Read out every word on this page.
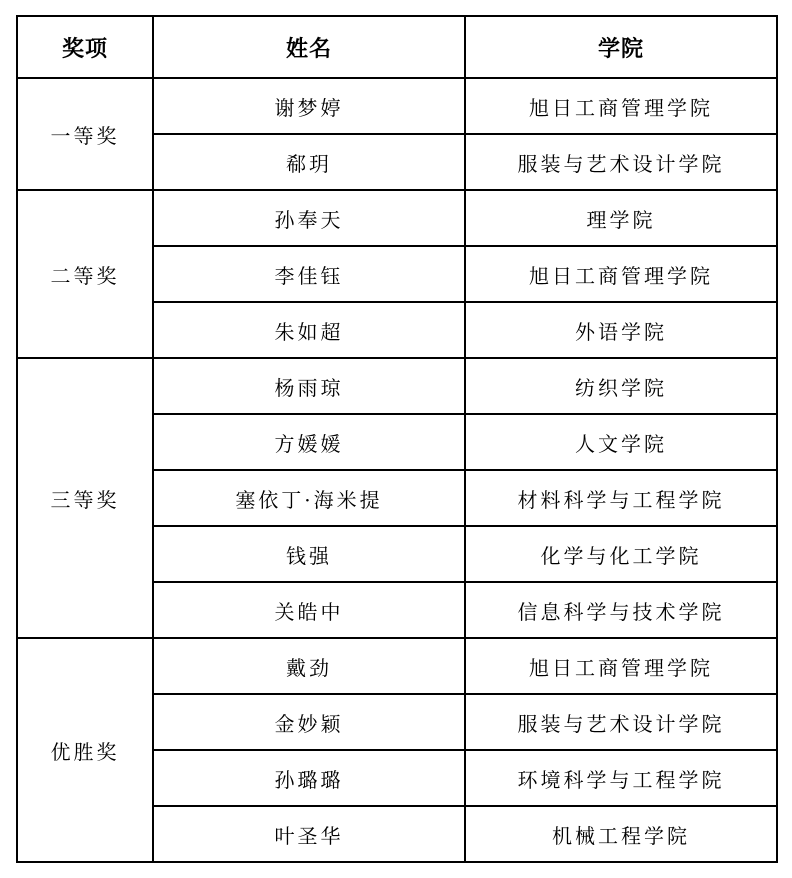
奖项	姓名	学院
一等奖	谢梦婷	旭日工商管理学院
	郗玥	服装与艺术设计学院
二等奖	孙奉天	理学院
	李佳钰	旭日工商管理学院
	朱如超	外语学院
三等奖	杨雨琼	纺织学院
	方媛媛	人文学院
	塞依丁·海米提	材料科学与工程学院
	钱强	化学与化工学院
	关皓中	信息科学与技术学院
优胜奖	戴劲	旭日工商管理学院
	金妙颖	服装与艺术设计学院
	孙璐璐	环境科学与工程学院
	叶圣华	机械工程学院
